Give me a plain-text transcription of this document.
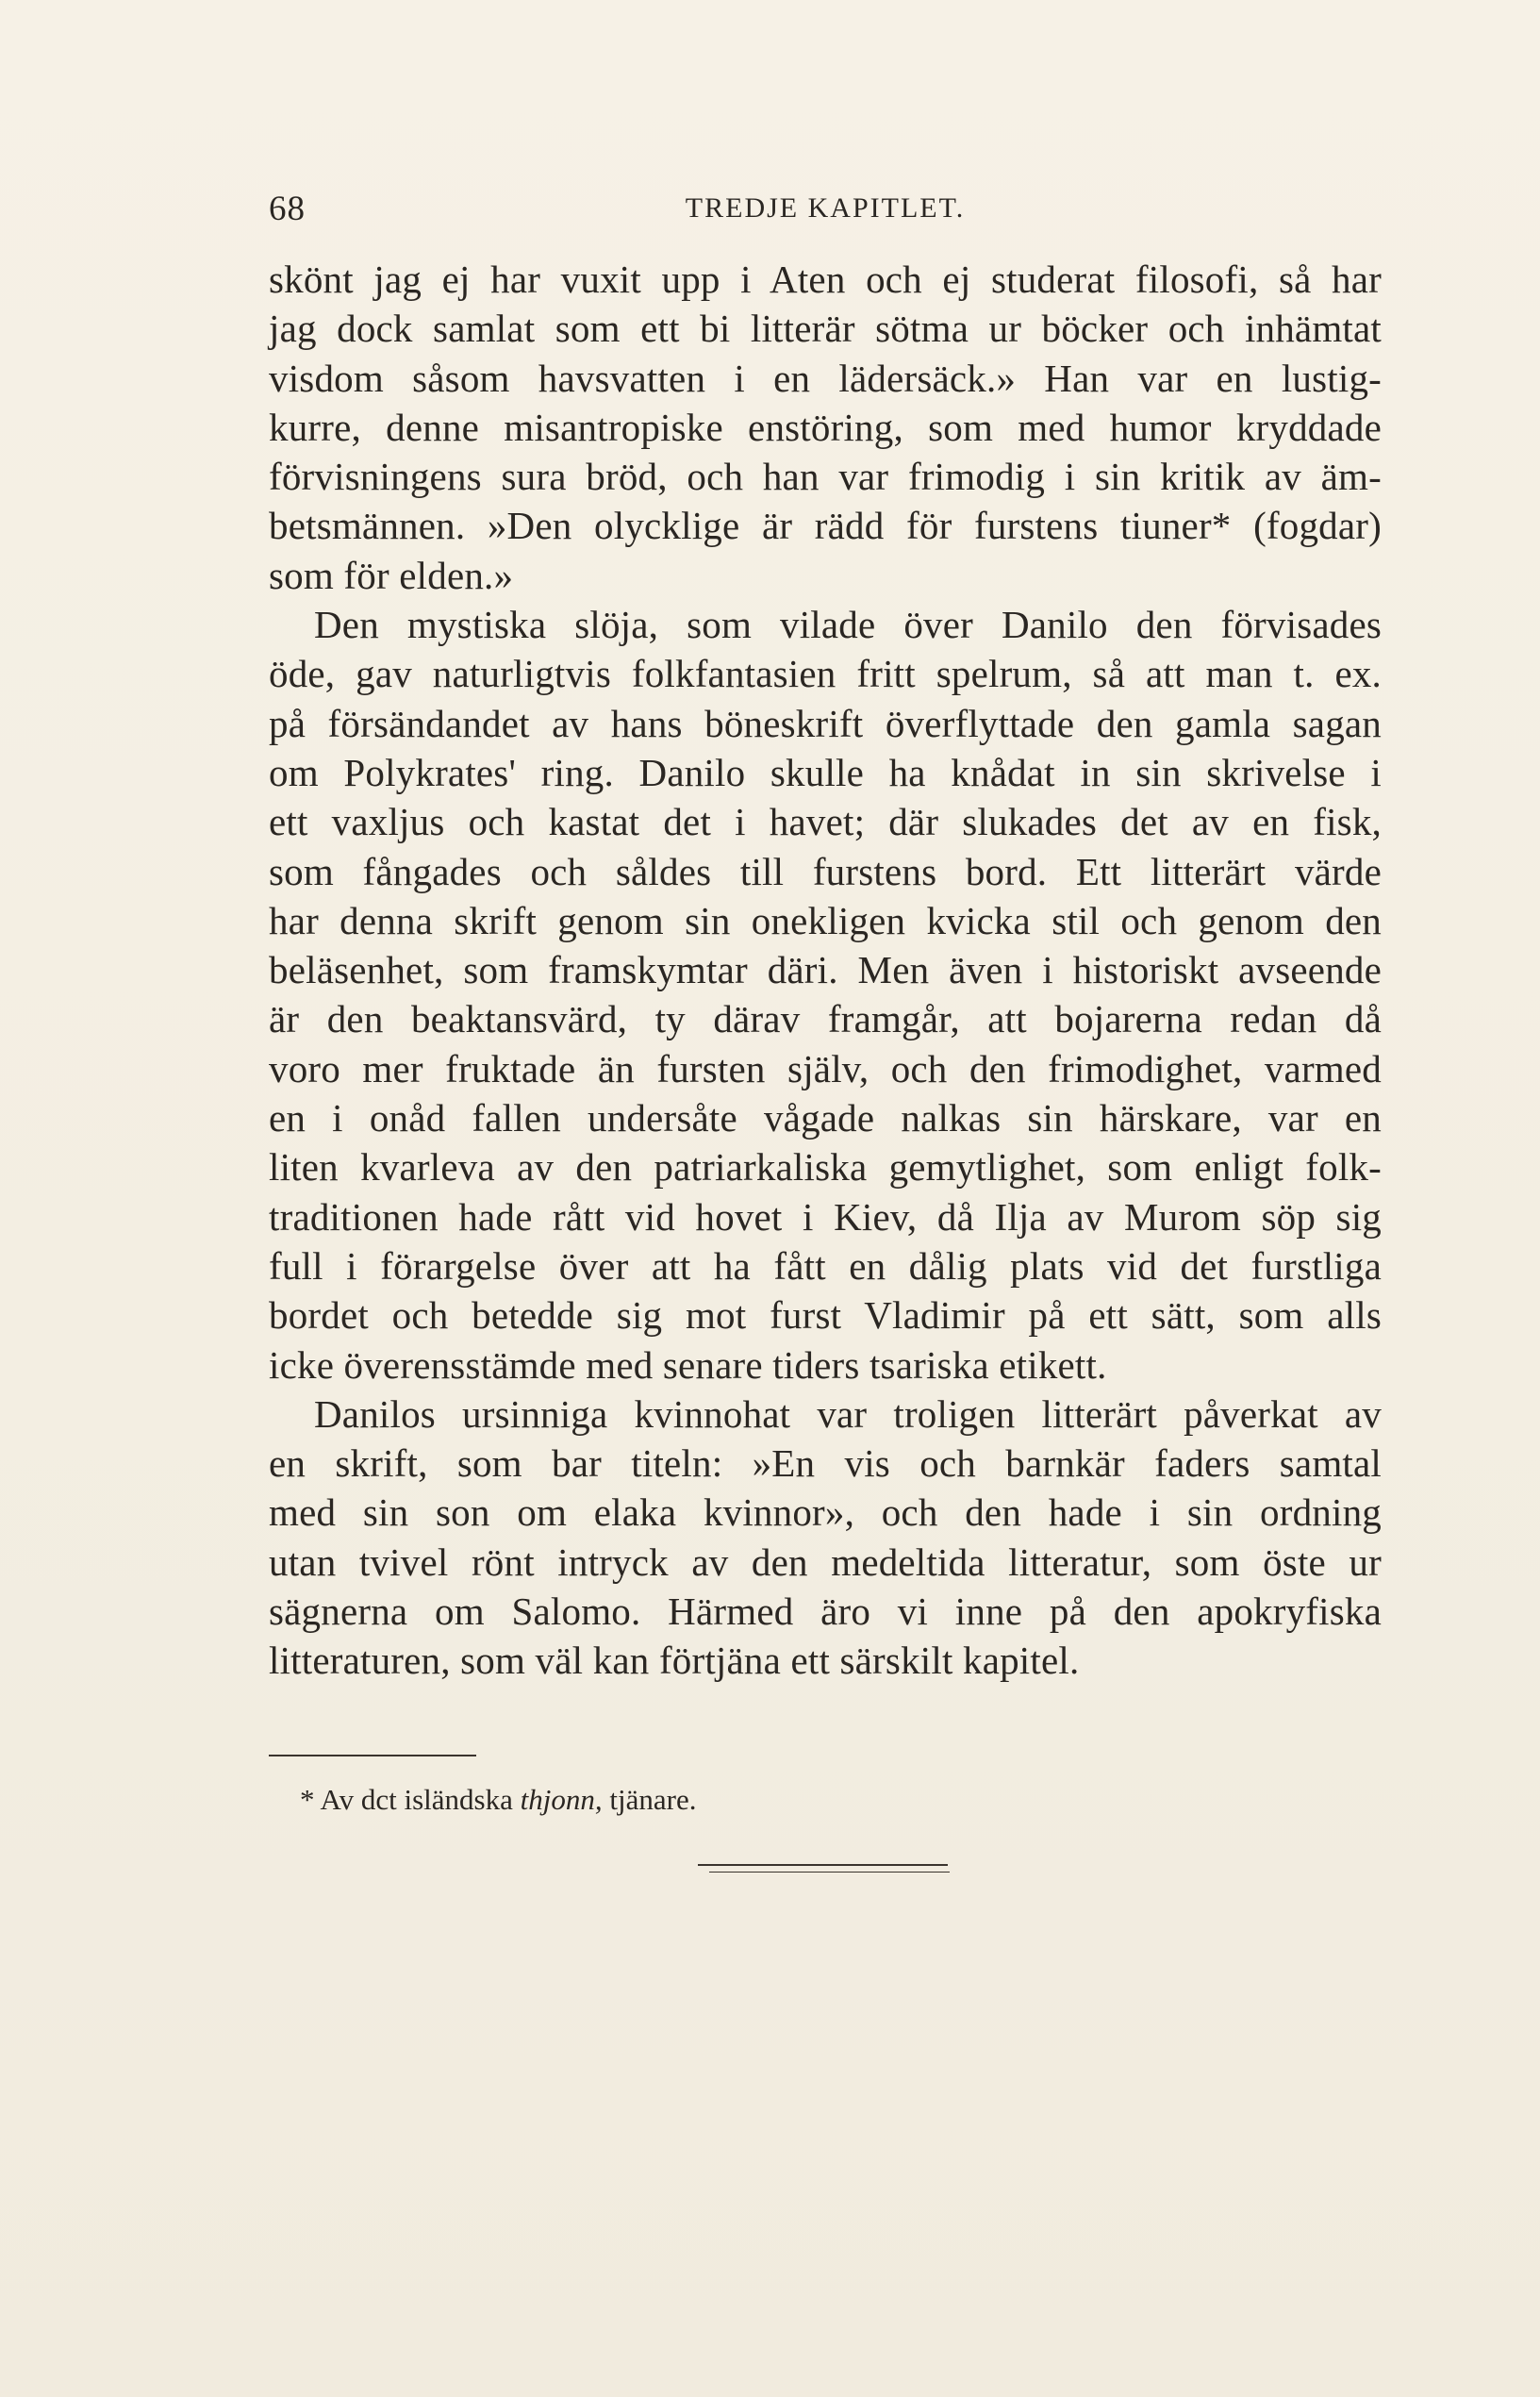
68	TREDJE KAPITLET.
skönt jag ej har vuxit upp i Aten och ej studerat filosofi, så har
jag dock samlat som ett bi litterär sötma ur böcker och inhämtat
visdom såsom havsvatten i en lädersäck.» Han var en lustig-
kurre, denne misantropiske enstöring, som med humor kryddade
förvisningens sura bröd, och han var frimodig i sin kritik av äm-
betsmännen. »Den olycklige är rädd för furstens tiuner* (fogdar)
som för elden.»
Den mystiska slöja, som vilade över Danilo den förvisades
öde, gav naturligtvis folkfantasien fritt spelrum, så att man t. ex.
på försändandet av hans böneskrift överflyttade den gamla sagan
om Polykrates' ring. Danilo skulle ha knådat in sin skrivelse i
ett vaxljus och kastat det i havet; där slukades det av en fisk,
som fångades och såldes till furstens bord. Ett litterärt värde
har denna skrift genom sin onekligen kvicka stil och genom den
beläsenhet, som framskymtar däri. Men även i historiskt avseende
är den beaktansvärd, ty därav framgår, att bojarerna redan då
voro mer fruktade än fursten själv, och den frimodighet, varmed
en i onåd fallen undersåte vågade nalkas sin härskare, var en
liten kvarleva av den patriarkaliska gemytlighet, som enligt folk-
traditionen hade rått vid hovet i Kiev, då Ilja av Murom söp sig
full i förargelse över att ha fått en dålig plats vid det furstliga
bordet och betedde sig mot furst Vladimir på ett sätt, som alls
icke överensstämde med senare tiders tsariska etikett.
Danilos ursinniga kvinnohat var troligen litterärt påverkat av
en skrift, som bar titeln: »En vis och barnkär faders samtal
med sin son om elaka kvinnor», och den hade i sin ordning
utan tvivel rönt intryck av den medeltida litteratur, som öste ur
sägnerna om Salomo. Härmed äro vi inne på den apokryfiska
litteraturen, som väl kan förtjäna ett särskilt kapitel.
* Av dct isländska thjonn, tjänare.
